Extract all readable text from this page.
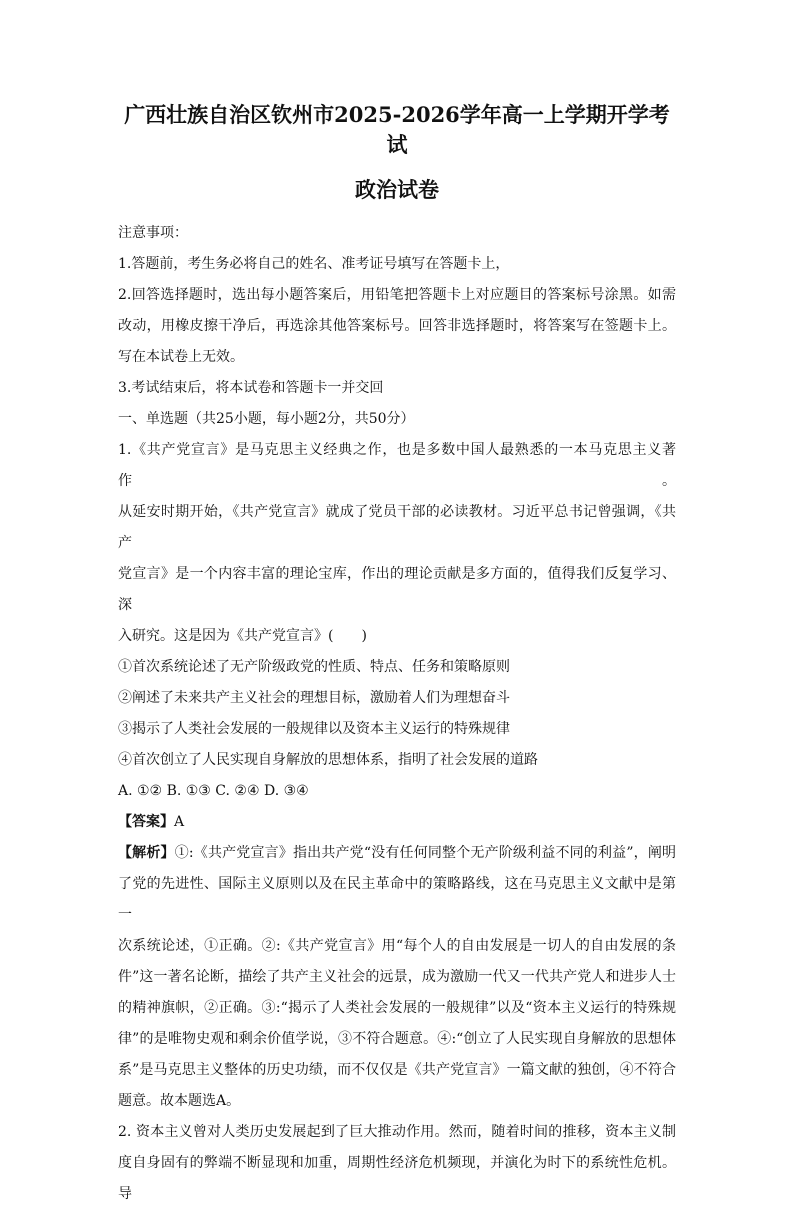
广西壮族自治区钦州市2025-2026学年高一上学期开学考试
政治试卷

注意事项：

1.答题前，考生务必将自己的姓名、准考证号填写在答题卡上，

2.回答选择题时，选出每小题答案后，用铅笔把答题卡上对应题目的答案标号涂黑。如需

改动，用橡皮擦干净后，再选涂其他答案标号。回答非选择题时，将答案写在签题卡上。

写在本试卷上无效。

3.考试结束后，将本试卷和答题卡一并交回

一、单选题（共25小题，每小题2分，共50分）

1.《共产党宣言》是马克思主义经典之作，也是多数中国人最熟悉的一本马克思主义著作。

从延安时期开始，《共产党宣言》就成了党员干部的必读教材。习近平总书记曾强调，《共产

党宣言》是一个内容丰富的理论宝库，作出的理论贡献是多方面的，值得我们反复学习、深

入研究。这是因为《共产党宣言》(　　)

①首次系统论述了无产阶级政党的性质、特点、任务和策略原则

②阐述了未来共产主义社会的理想目标，激励着人们为理想奋斗

③揭示了人类社会发展的一般规律以及资本主义运行的特殊规律

④首次创立了人民实现自身解放的思想体系，指明了社会发展的道路

A. ①② B. ①③ C. ②④ D. ③④

【答案】A

【解析】①:《共产党宣言》指出共产党“没有任何同整个无产阶级利益不同的利益”，阐明

了党的先进性、国际主义原则以及在民主革命中的策略路线，这在马克思主义文献中是第一

次系统论述，①正确。②:《共产党宣言》用“每个人的自由发展是一切人的自由发展的条

件”这一著名论断，描绘了共产主义社会的远景，成为激励一代又一代共产党人和进步人士

的精神旗帜，②正确。③:“揭示了人类社会发展的一般规律”以及“资本主义运行的特殊规

律”的是唯物史观和剩余价值学说，③不符合题意。④:“创立了人民实现自身解放的思想体

系”是马克思主义整体的历史功绩，而不仅仅是《共产党宣言》一篇文献的独创，④不符合

题意。故本题选A。

2. 资本主义曾对人类历史发展起到了巨大推动作用。然而，随着时间的推移，资本主义制

度自身固有的弊端不断显现和加重，周期性经济危机频现，并演化为时下的系统性危机。导
